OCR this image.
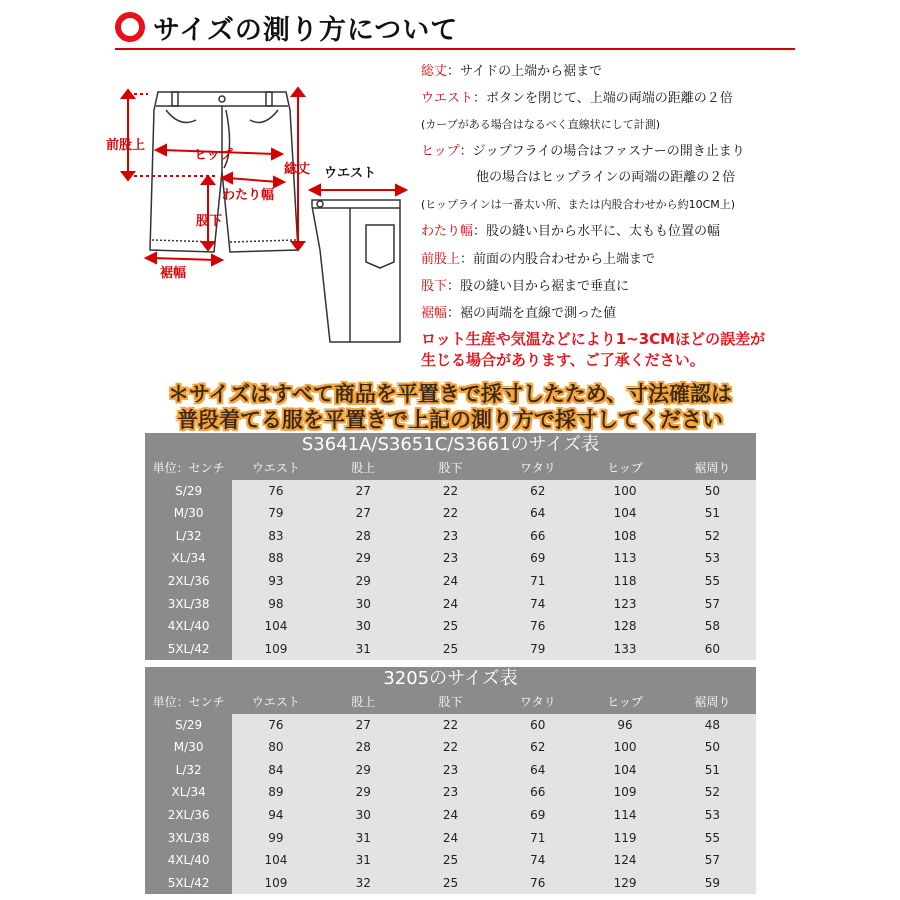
サイズの測り方について
前股上
ヒップ
わたり幅
股下
総丈 ウエスト
裾幅
総丈：サイドの上端から裾まで
ウエスト：ボタンを閉じて、上端の両端の距離の２倍
(カーブがある場合はなるべく直線状にして計測)
ヒップ：ジップフライの場合はファスナーの開き止まり
他の場合はヒップラインの両端の距離の２倍
(ヒップラインは一番太い所、または内股合わせから約10CM上)
わたり幅：股の縫い目から水平に、太もも位置の幅
前股上：前面の内股合わせから上端まで
股下：股の縫い目から裾まで垂直に
裾幅：裾の両端を直線で測った値
ロット生産や気温などにより1~3CMほどの誤差が
生じる場合があります、ご了承ください。
＊サイズはすべて商品を平置きで採寸したため、寸法確認は
普段着てる服を平置きで上記の測り方で採寸してください
S3641A/S3651C/S3661のサイズ表
単位：センチ	ウエスト	股上	股下	ワタリ	ヒップ	裾周り
S/29	76	27	22	62	100	50
M/30	79	27	22	64	104	51
L/32	83	28	23	66	108	52
XL/34	88	29	23	69	113	53
2XL/36	93	29	24	71	118	55
3XL/38	98	30	24	74	123	57
4XL/40	104	30	25	76	128	58
5XL/42	109	31	25	79	133	60
3205のサイズ表
単位：センチ	ウエスト	股上	股下	ワタリ	ヒップ	裾周り
S/29	76	27	22	60	96	48
M/30	80	28	22	62	100	50
L/32	84	29	23	64	104	51
XL/34	89	29	23	66	109	52
2XL/36	94	30	24	69	114	53
3XL/38	99	31	24	71	119	55
4XL/40	104	31	25	74	124	57
5XL/42	109	32	25	76	129	59
